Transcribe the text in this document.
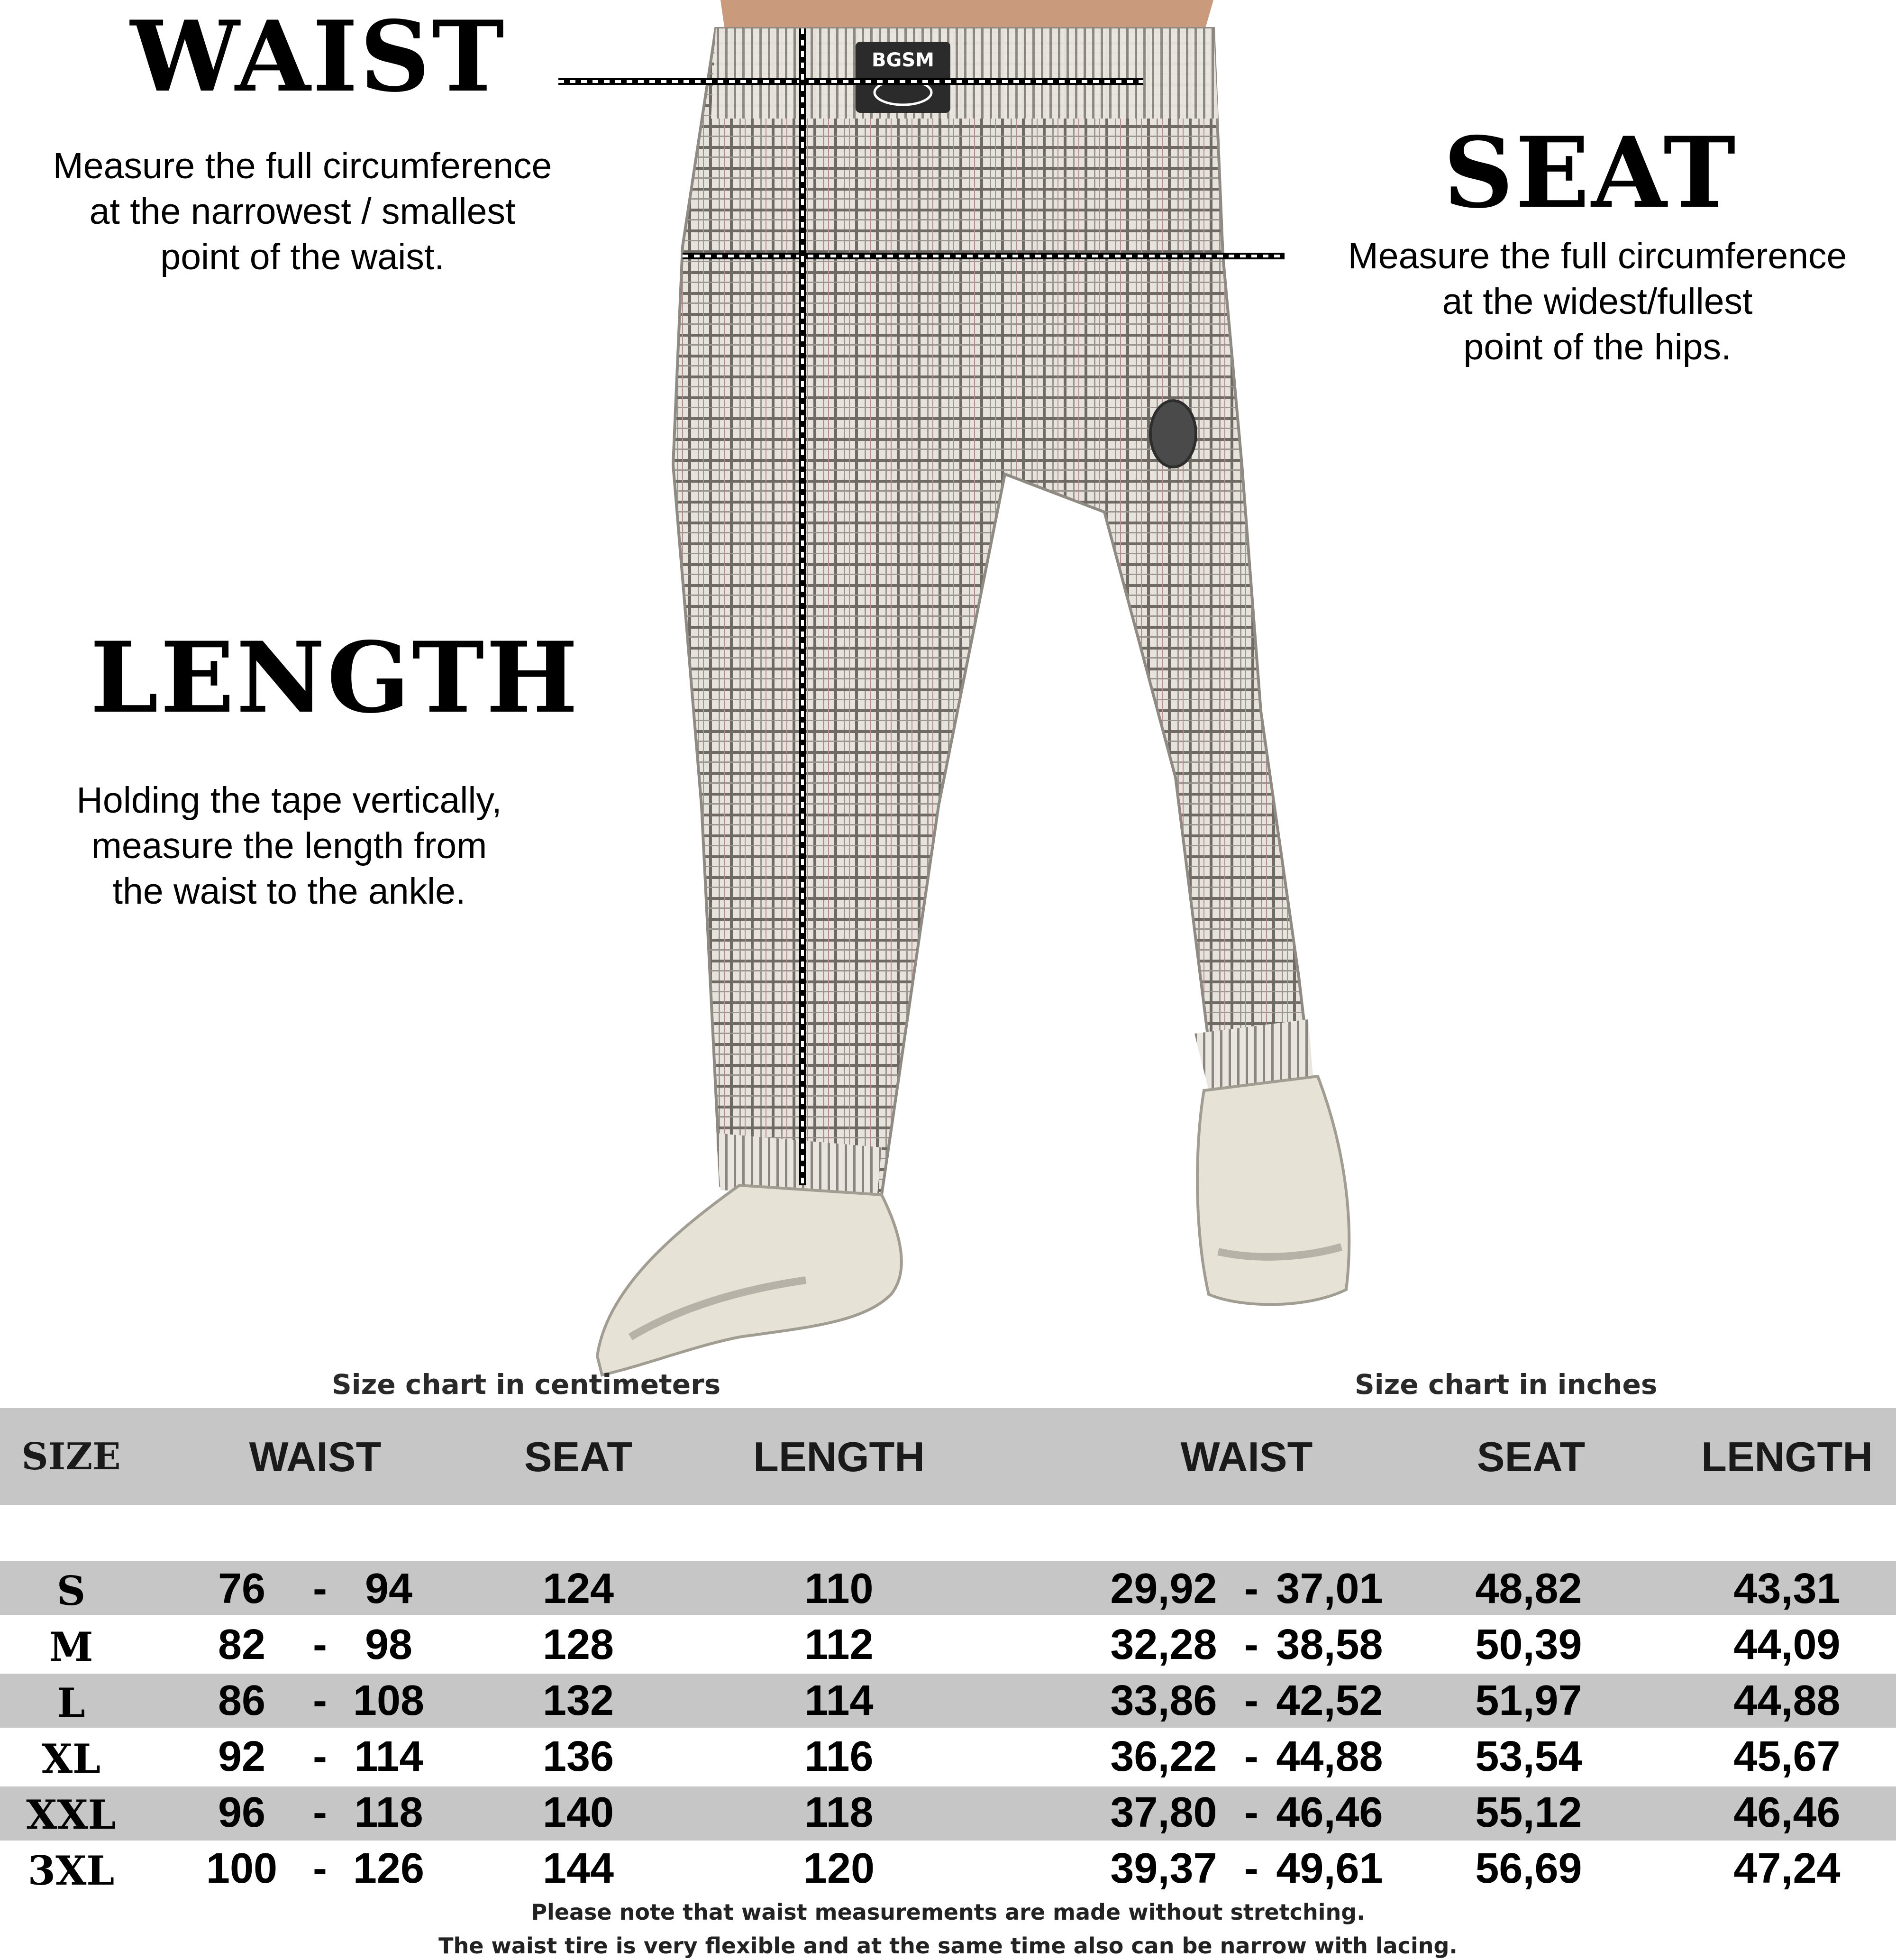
BGSM
WAIST
Measure the full circumference
at the narrowest / smallest
point of the waist.
SEAT
Measure the full circumference
at the widest/fullest
point of the hips.
LENGTH
Holding the tape vertically,
measure the length from
the waist to the ankle.
Size chart in centimeters	Size chart in inches
SIZE	WAIST	SEAT	LENGTH	WAIST	SEAT	LENGTH
S	76	- 94	124	110	29,92 - 37,01	48,82	43,31
M	82	- 98	128	112	32,28 - 38,58	50,39	44,09
L	86	- 108	132	114	33,86 - 42,52	51,97	44,88
XL	92	- 114	136	116	36,22 - 44,88	53,54	45,67
XXL	96	- 118	140	118	37,80 - 46,46	55,12	46,46
3XL	100 - 126	144	120	39,37 - 49,61	56,69	47,24
Please note that waist measurements are made without stretching.
The waist tire is very flexible and at the same time also can be narrow with lacing.
